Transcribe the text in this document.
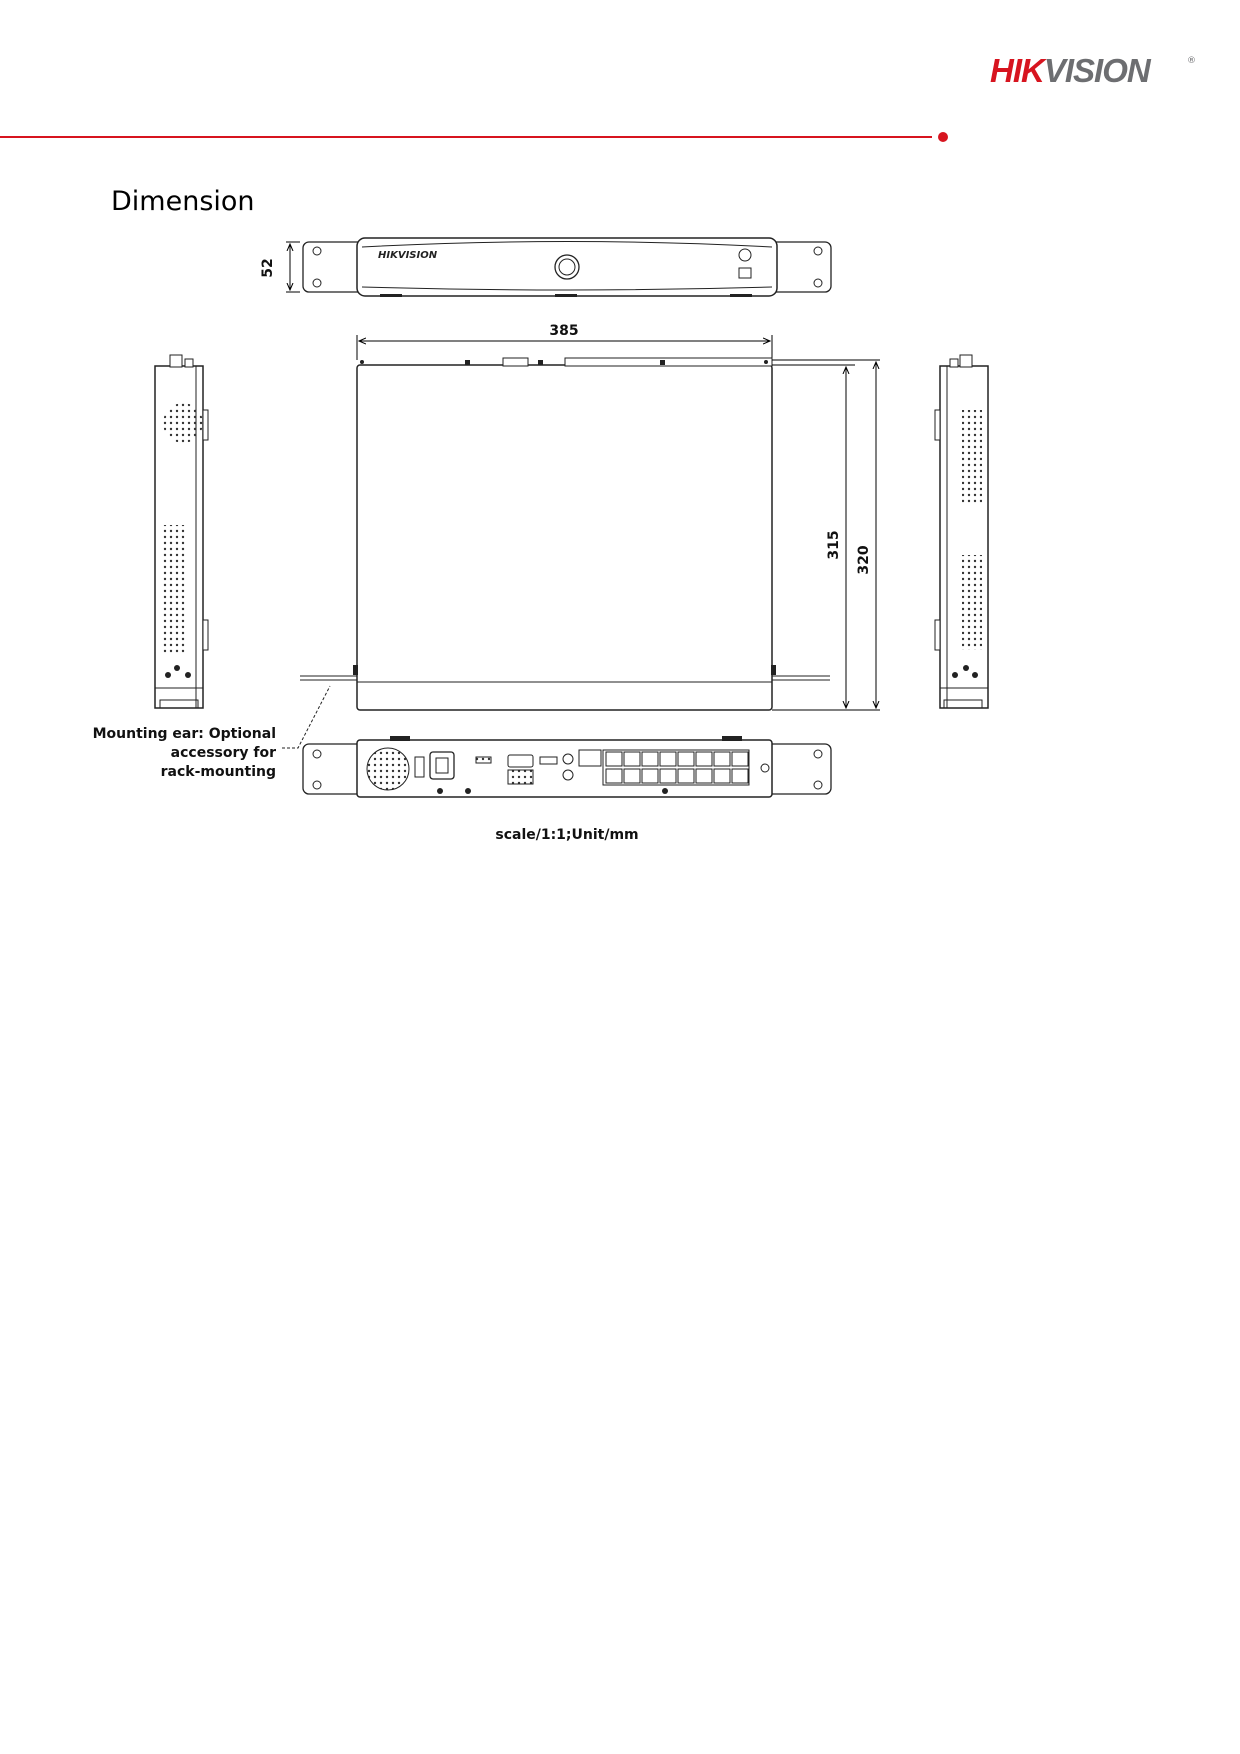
HIKVISION	®
Dimension
HIKVISION
52
385
315
320
Mounting ear: Optional
accessory for
rack-mounting
scale/1:1;Unit/mm
